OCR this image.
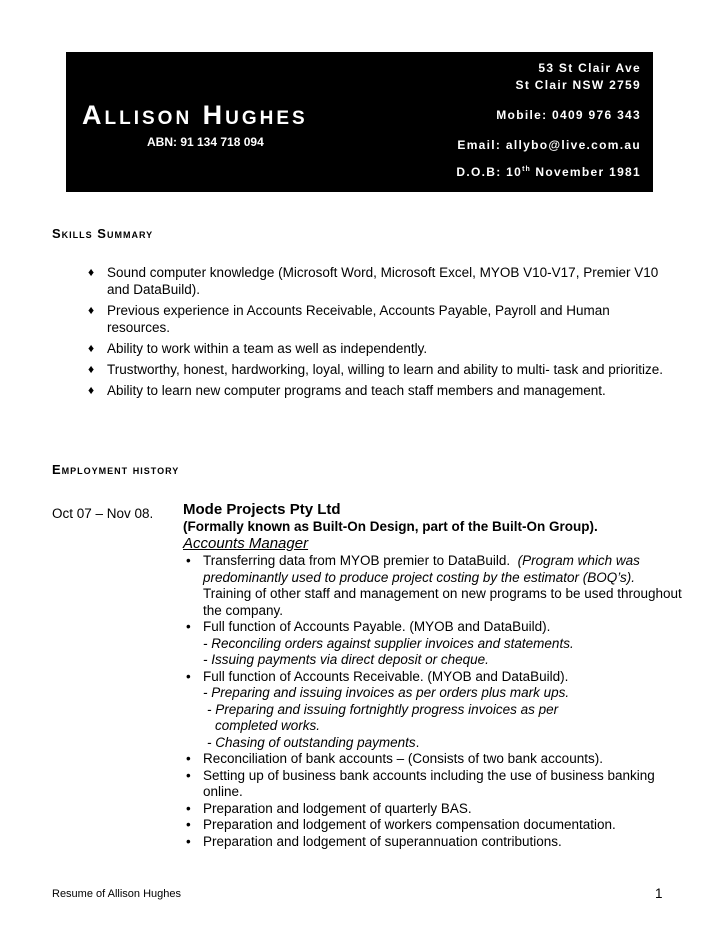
Allison Hughes
ABN: 91 134 718 094
53 St Clair Ave
St Clair NSW 2759
Mobile: 0409 976 343
Email: allybo@live.com.au
D.O.B: 10th November 1981
Skills Summary
♦ Sound computer knowledge (Microsoft Word, Microsoft Excel, MYOB V10-V17, Premier V10 and DataBuild).
♦ Previous experience in Accounts Receivable, Accounts Payable, Payroll and Human resources.
♦ Ability to work within a team as well as independently.
♦ Trustworthy, honest, hardworking, loyal, willing to learn and ability to multi- task and prioritize.
♦ Ability to learn new computer programs and teach staff members and management.
Employment history
Oct 07 – Nov 08. Mode Projects Pty Ltd
(Formally known as Built-On Design, part of the Built-On Group).
Accounts Manager
• Transferring data from MYOB premier to DataBuild. (Program which was predominantly used to produce project costing by the estimator (BOQ’s). Training of other staff and management on new programs to be used throughout the company.
• Full function of Accounts Payable. (MYOB and DataBuild).
- Reconciling orders against supplier invoices and statements.
- Issuing payments via direct deposit or cheque.
• Full function of Accounts Receivable. (MYOB and DataBuild).
- Preparing and issuing invoices as per orders plus mark ups.
- Preparing and issuing fortnightly progress invoices as per
completed works.
- Chasing of outstanding payments.
• Reconciliation of bank accounts – (Consists of two bank accounts).
• Setting up of business bank accounts including the use of business banking online.
• Preparation and lodgement of quarterly BAS.
• Preparation and lodgement of workers compensation documentation.
• Preparation and lodgement of superannuation contributions.
Resume of Allison Hughes	1
